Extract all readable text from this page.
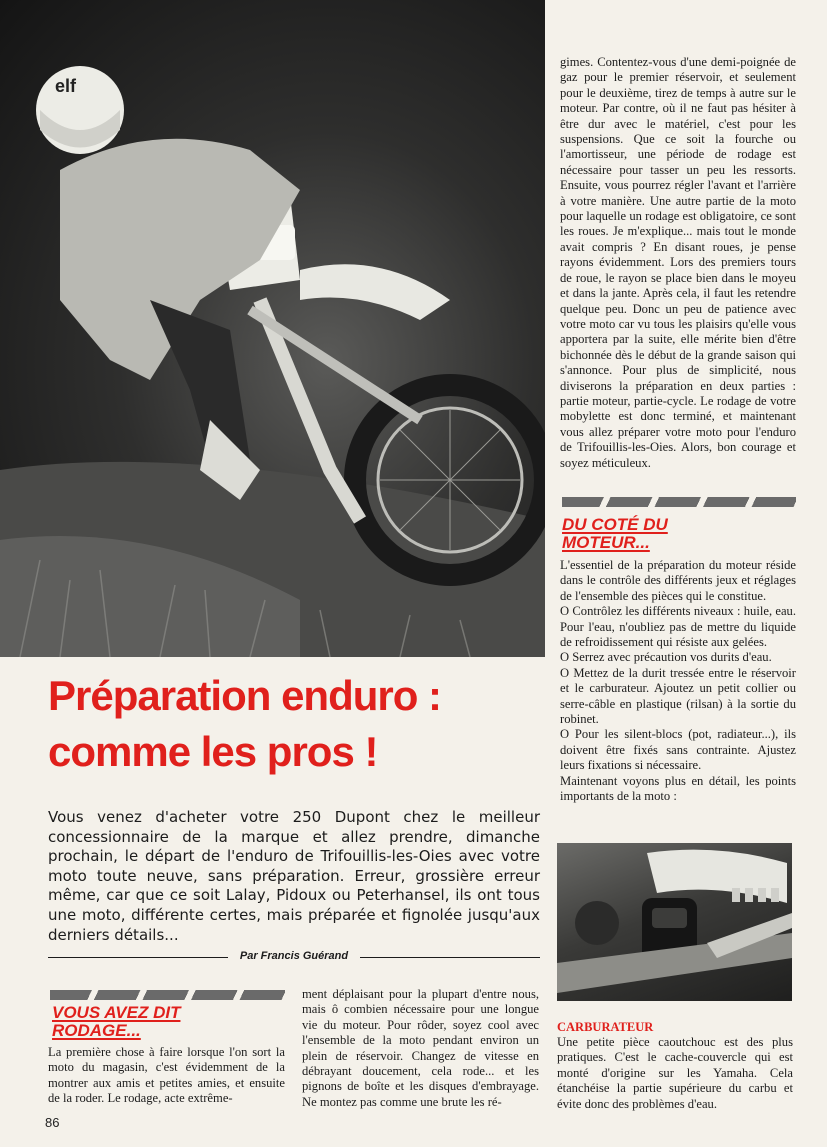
elf

gimes. Contentez-vous d'une demi-poignée de gaz pour le premier réservoir, et seulement pour le deuxième, tirez de temps à autre sur le moteur. Par contre, où il ne faut pas hésiter à être dur avec le matériel, c'est pour les suspensions. Que ce soit la fourche ou l'amortisseur, une période de rodage est nécessaire pour tasser un peu les ressorts. Ensuite, vous pourrez régler l'avant et l'arrière à votre manière. Une autre partie de la moto pour laquelle un rodage est obligatoire, ce sont les roues. Je m'explique... mais tout le monde avait compris ? En disant roues, je pense rayons évidemment. Lors des premiers tours de roue, le rayon se place bien dans le moyeu et dans la jante. Après cela, il faut les retendre quelque peu. Donc un peu de patience avec votre moto car vu tous les plaisirs qu'elle vous apportera par la suite, elle mérite bien d'être bichonnée dès le début de la grande saison qui s'annonce. Pour plus de simplicité, nous diviserons la préparation en deux parties : partie moteur, partie-cycle. Le rodage de votre mobylette est donc terminé, et maintenant vous allez préparer votre moto pour l'enduro de Trifouillis-les-Oies. Alors, bon courage et soyez méticuleux.

DU COTÉ DU
MOTEUR...

L'essentiel de la préparation du moteur réside dans le contrôle des différents jeux et réglages de l'ensemble des pièces qui le constitue.

O Contrôlez les différents niveaux : huile, eau. Pour l'eau, n'oubliez pas de mettre du liquide de refroidissement qui résiste aux gelées.

O Serrez avec précaution vos durits d'eau.

O Mettez de la durit tressée entre le réservoir et le carburateur. Ajoutez un petit collier ou serre-câble en plastique (rilsan) à la sortie du robinet.

O Pour les silent-blocs (pot, radiateur...), ils doivent être fixés sans contrainte. Ajustez leurs fixations si nécessaire.

Maintenant voyons plus en détail, les points importants de la moto :

Préparation enduro :
comme les pros !

Vous venez d'acheter votre 250 Dupont chez le meilleur concessionnaire de la marque et allez prendre, dimanche prochain, le départ de l'enduro de Trifouillis-les-Oies avec votre moto toute neuve, sans préparation. Erreur, grossière erreur même, car que ce soit Lalay, Pidoux ou Peterhansel, ils ont tous une moto, différente certes, mais préparée et fignolée jusqu'aux derniers détails...

Par Francis Guérand
VOUS AVEZ DIT
RODAGE...

La première chose à faire lorsque l'on sort la moto du magasin, c'est évidemment de la montrer aux amis et petites amies, et ensuite de la roder. Le rodage, acte extrême-

ment déplaisant pour la plupart d'entre nous, mais ô combien nécessaire pour une longue vie du moteur. Pour rôder, soyez cool avec l'ensemble de la moto pendant environ un plein de réservoir. Changez de vitesse en débrayant doucement, cela rode... et les pignons de boîte et les disques d'embrayage. Ne montez pas comme une brute les ré-

CARBURATEUR

Une petite pièce caoutchouc est des plus pratiques. C'est le cache-couvercle qui est monté d'origine sur les Yamaha. Cela étanchéise la partie supérieure du carbu et évite donc des problèmes d'eau.

86
